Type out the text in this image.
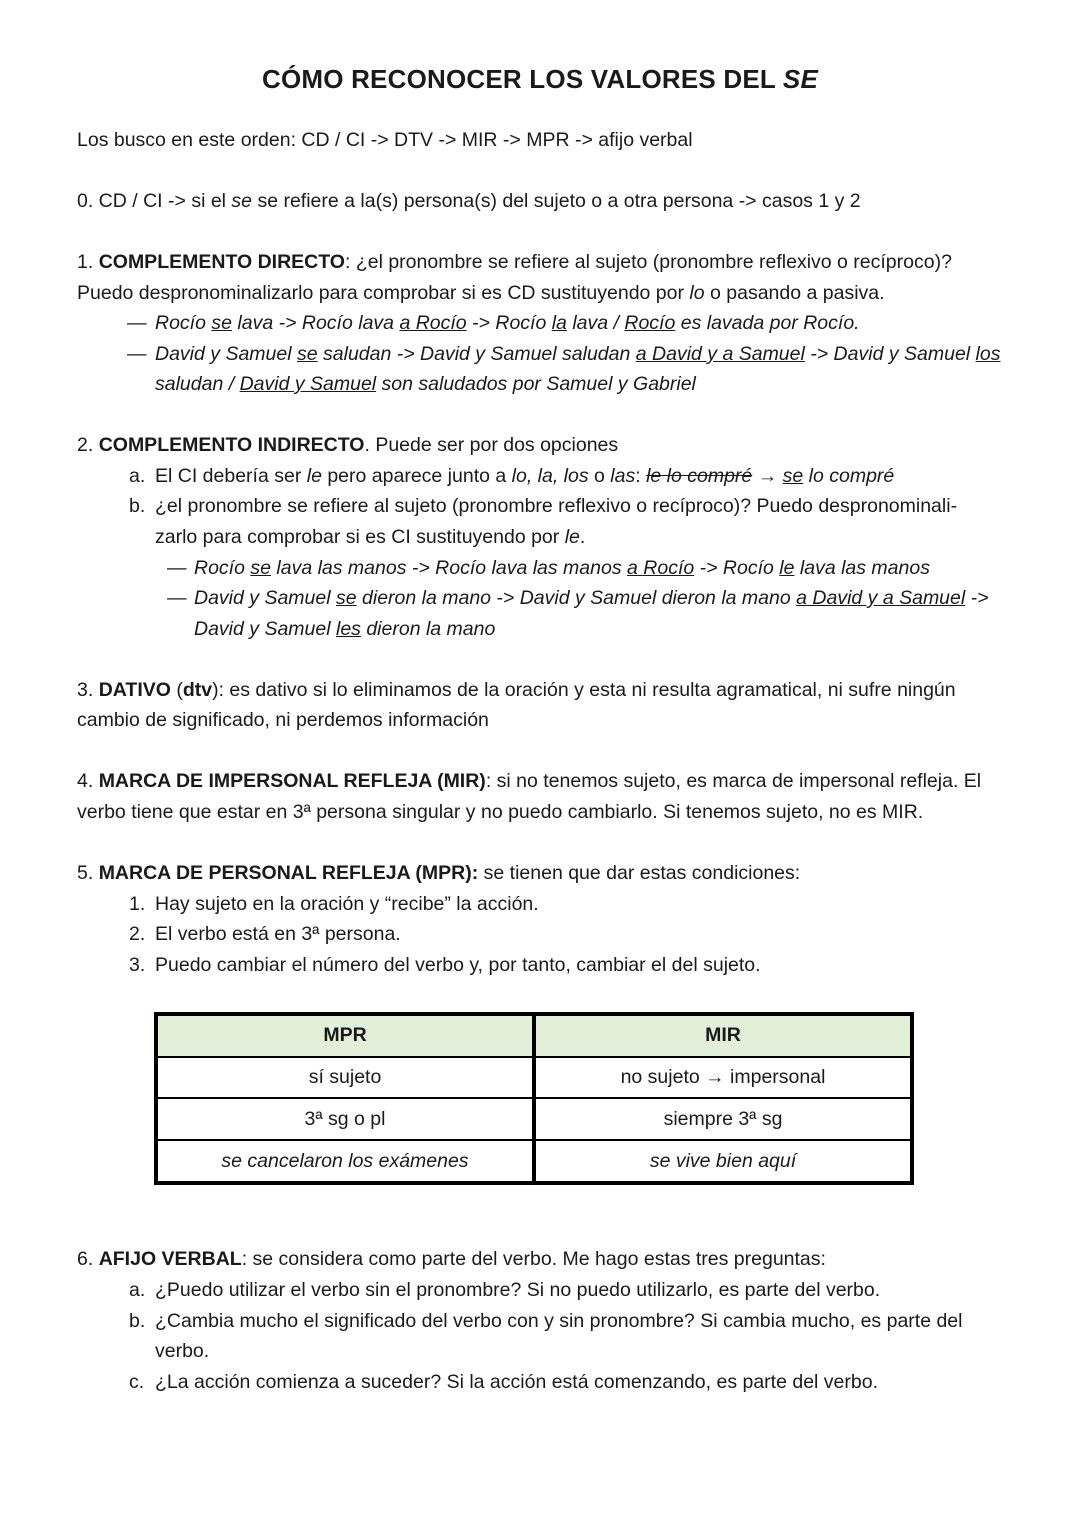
CÓMO RECONOCER LOS VALORES DEL SE
Los busco en este orden: CD / CI -> DTV -> MIR -> MPR -> afijo verbal
0. CD / CI -> si el se se refiere a la(s) persona(s) del sujeto o a otra persona -> casos 1 y 2
1. COMPLEMENTO DIRECTO: ¿el pronombre se refiere al sujeto (pronombre reflexivo o recíproco)?
Puedo despronominalizarlo para comprobar si es CD sustituyendo por lo o pasando a pasiva.
— Rocío se lava -> Rocío lava a Rocío -> Rocío la lava / Rocío es lavada por Rocío.
— David y Samuel se saludan -> David y Samuel saludan a David y a Samuel -> David y Samuel los
saludan / David y Samuel son saludados por Samuel y Gabriel
2. COMPLEMENTO INDIRECTO. Puede ser por dos opciones
a. El CI debería ser le pero aparece junto a lo, la, los o las: le lo compré → se lo compré
b. ¿el pronombre se refiere al sujeto (pronombre reflexivo o recíproco)? Puedo despronominali-
zarlo para comprobar si es CI sustituyendo por le.
— Rocío se lava las manos -> Rocío lava las manos a Rocío -> Rocío le lava las manos
— David y Samuel se dieron la mano -> David y Samuel dieron la mano a David y a Samuel ->
David y Samuel les dieron la mano
3. DATIVO (dtv): es dativo si lo eliminamos de la oración y esta ni resulta agramatical, ni sufre ningún
cambio de significado, ni perdemos información
4. MARCA DE IMPERSONAL REFLEJA (MIR): si no tenemos sujeto, es marca de impersonal refleja. El
verbo tiene que estar en 3ª persona singular y no puedo cambiarlo. Si tenemos sujeto, no es MIR.
5. MARCA DE PERSONAL REFLEJA (MPR): se tienen que dar estas condiciones:
1. Hay sujeto en la oración y “recibe” la acción.
2. El verbo está en 3ª persona.
3. Puedo cambiar el número del verbo y, por tanto, cambiar el del sujeto.
MPR	MIR
sí sujeto	no sujeto → impersonal
3ª sg o pl	siempre 3ª sg
se cancelaron los exámenes	se vive bien aquí
6. AFIJO VERBAL: se considera como parte del verbo. Me hago estas tres preguntas:
a. ¿Puedo utilizar el verbo sin el pronombre? Si no puedo utilizarlo, es parte del verbo.
b. ¿Cambia mucho el significado del verbo con y sin pronombre? Si cambia mucho, es parte del
verbo.
c. ¿La acción comienza a suceder? Si la acción está comenzando, es parte del verbo.
